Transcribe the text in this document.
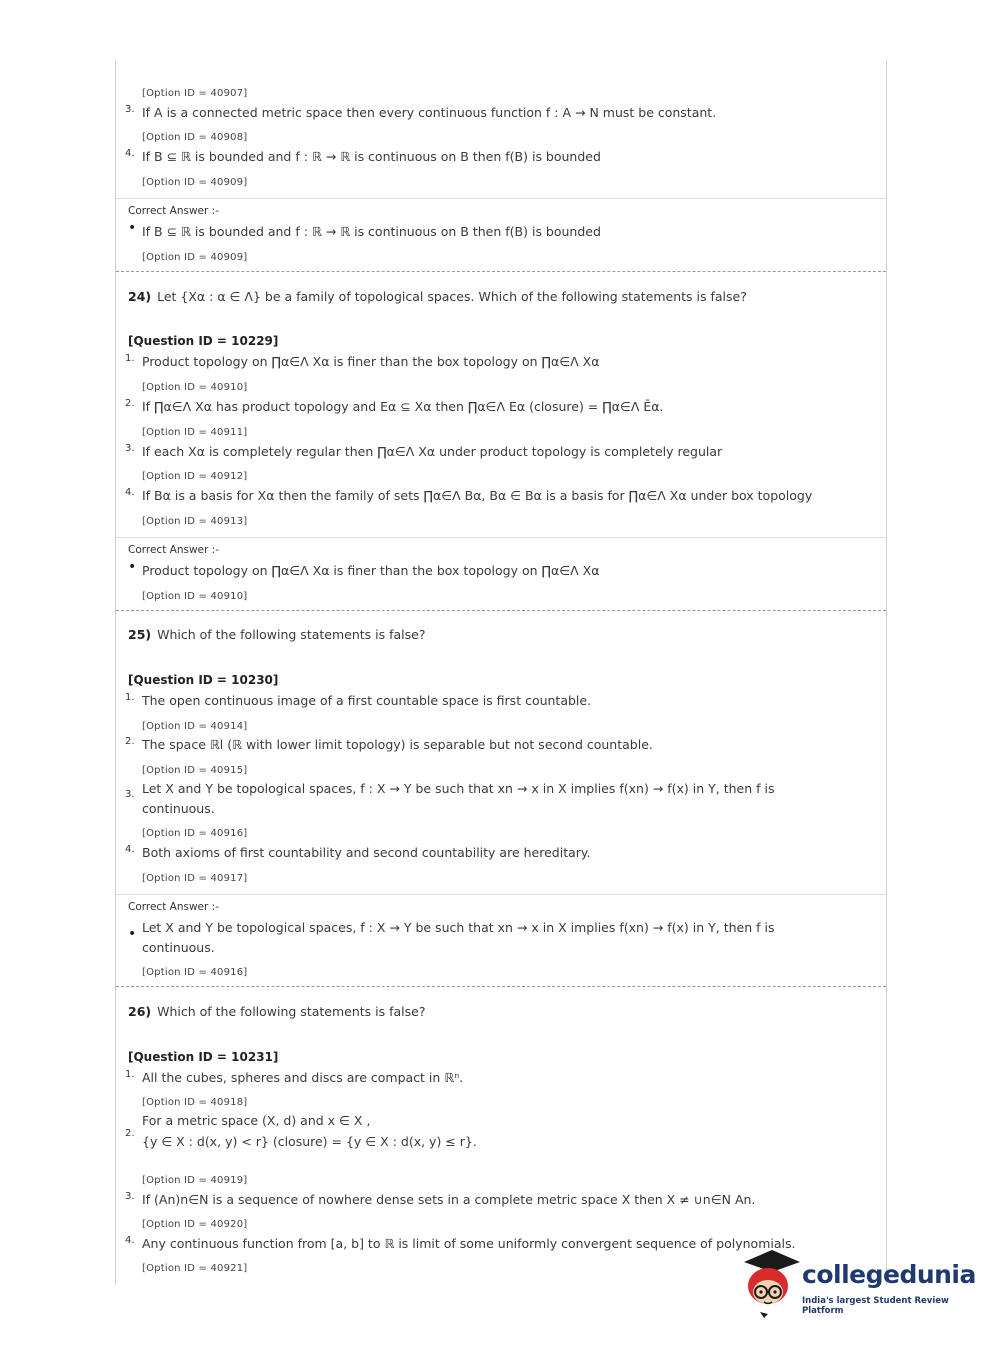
[Option ID = 40907]
3. If A is a connected metric space then every continuous function f : A → N must be constant.
[Option ID = 40908]
4. If B ⊆ ℝ is bounded and f : ℝ → ℝ is continuous on B then f(B) is bounded
[Option ID = 40909]
Correct Answer :-
• If B ⊆ ℝ is bounded and f : ℝ → ℝ is continuous on B then f(B) is bounded
[Option ID = 40909]
24) Let {Xα : α ∈ Λ} be a family of topological spaces. Which of the following statements is false?
[Question ID = 10229]
1. Product topology on ∏α∈Λ Xα is finer than the box topology on ∏α∈Λ Xα
[Option ID = 40910]
2. If ∏α∈Λ Xα has product topology and Eα ⊆ Xα then ∏α∈Λ Eα (closure) = ∏α∈Λ Ēα.
[Option ID = 40911]
3. If each Xα is completely regular then ∏α∈Λ Xα under product topology is completely regular
[Option ID = 40912]
4. If Bα is a basis for Xα then the family of sets ∏α∈Λ Bα, Bα ∈ Bα is a basis for ∏α∈Λ Xα under box topology
[Option ID = 40913]
Correct Answer :-
• Product topology on ∏α∈Λ Xα is finer than the box topology on ∏α∈Λ Xα
[Option ID = 40910]
25) Which of the following statements is false?
[Question ID = 10230]
1. The open continuous image of a first countable space is first countable.
[Option ID = 40914]
2. The space ℝl (ℝ with lower limit topology) is separable but not second countable.
[Option ID = 40915]
3. Let X and Y be topological spaces, f : X → Y be such that xn → x in X implies f(xn) → f(x) in Y, then f is
continuous.
[Option ID = 40916]
4. Both axioms of first countability and second countability are hereditary.
[Option ID = 40917]
Correct Answer :-
• Let X and Y be topological spaces, f : X → Y be such that xn → x in X implies f(xn) → f(x) in Y, then f is
continuous.
[Option ID = 40916]
26) Which of the following statements is false?
[Question ID = 10231]
1. All the cubes, spheres and discs are compact in ℝⁿ.
[Option ID = 40918]
2.
For a metric space (X, d) and x ∈ X ,
{y ∈ X : d(x, y) < r} (closure) = {y ∈ X : d(x, y) ≤ r}.
[Option ID = 40919]
3. If (An)n∈N is a sequence of nowhere dense sets in a complete metric space X then X ≠ ∪n∈N An.
[Option ID = 40920]
4. Any continuous function from [a, b] to ℝ is limit of some uniformly convergent sequence of polynomials.
[Option ID = 40921]	collegedunia
India's largest Student Review Platform
